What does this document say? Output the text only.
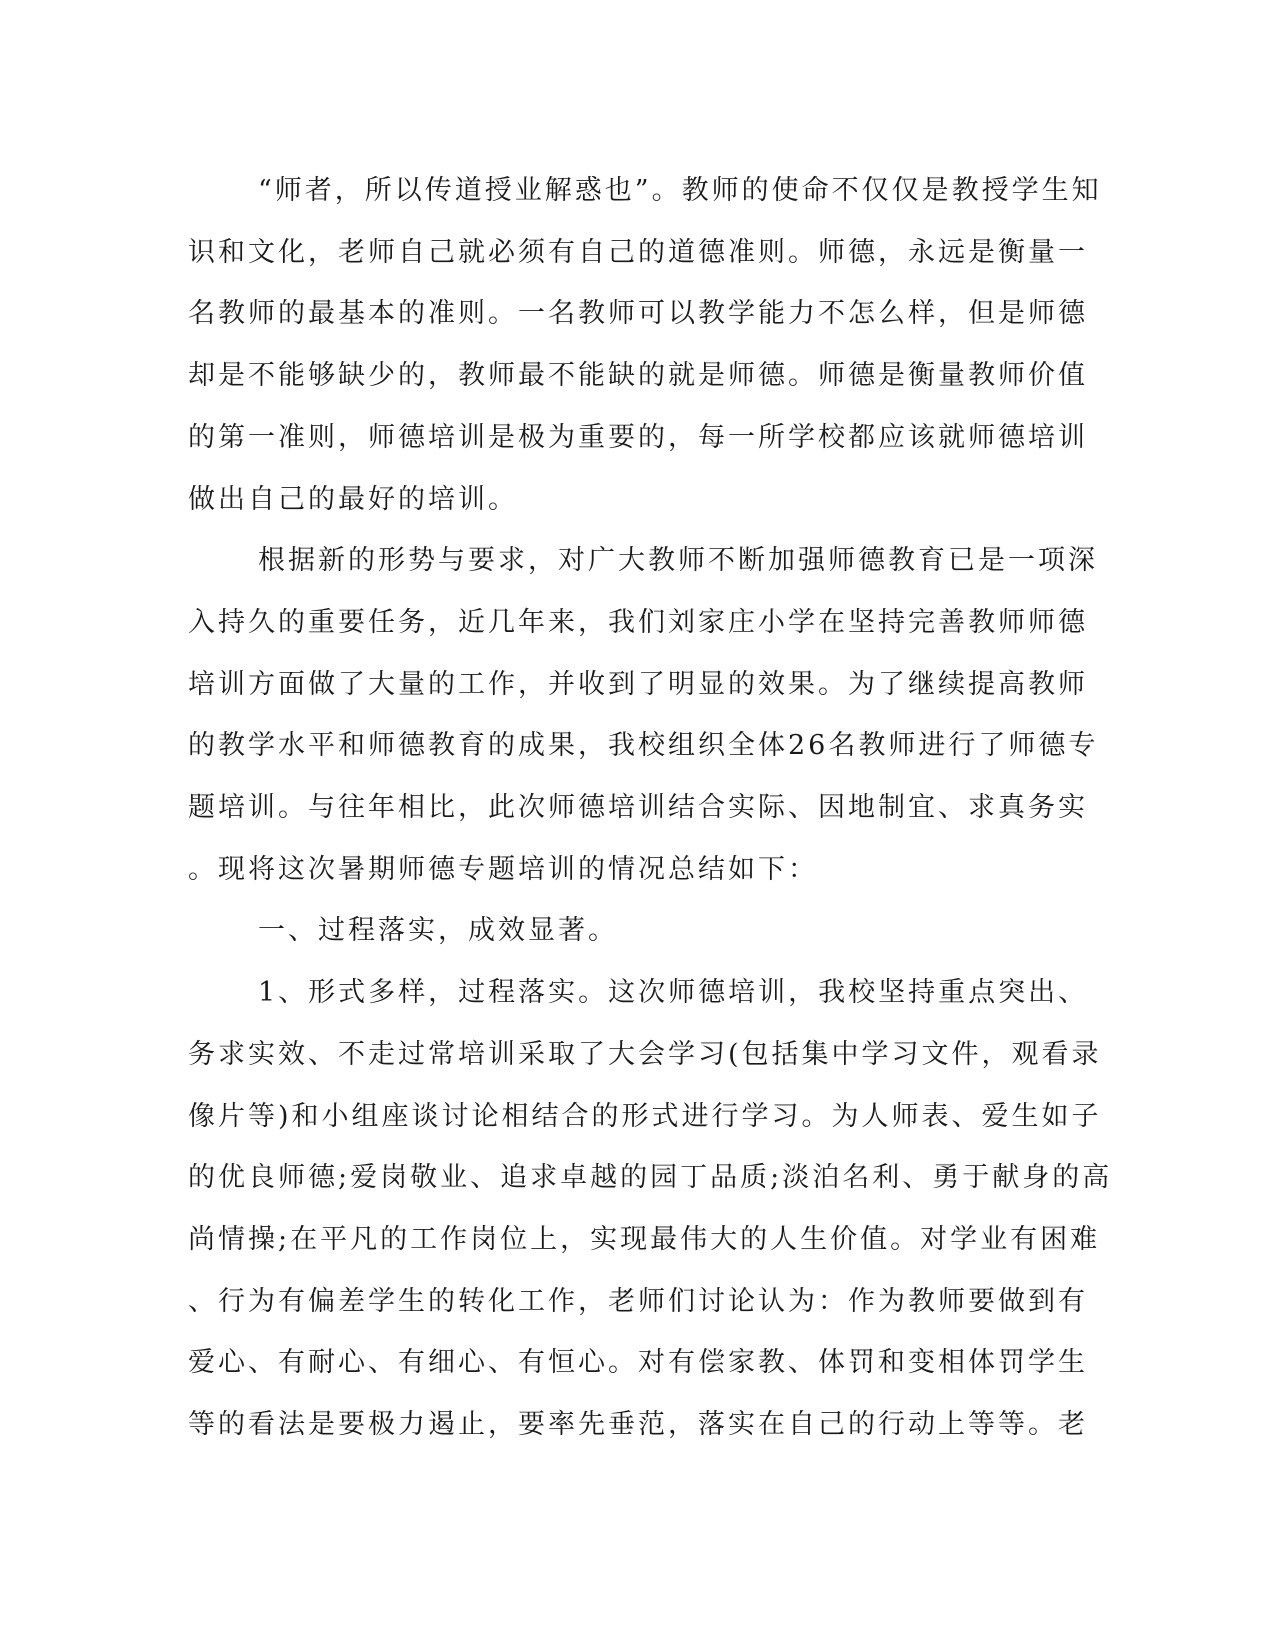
“师者，所以传道授业解惑也”。教师的使命不仅仅是教授学生知
识和文化，老师自己就必须有自己的道德准则。师德，永远是衡量一
名教师的最基本的准则。一名教师可以教学能力不怎么样，但是师德
却是不能够缺少的，教师最不能缺的就是师德。师德是衡量教师价值
的第一准则，师德培训是极为重要的，每一所学校都应该就师德培训
做出自己的最好的培训。
根据新的形势与要求，对广大教师不断加强师德教育已是一项深
入持久的重要任务，近几年来，我们刘家庄小学在坚持完善教师师德
培训方面做了大量的工作，并收到了明显的效果。为了继续提高教师
的教学水平和师德教育的成果，我校组织全体26名教师进行了师德专
题培训。与往年相比，此次师德培训结合实际、因地制宜、求真务实
。现将这次暑期师德专题培训的情况总结如下：
一、过程落实，成效显著。
1、形式多样，过程落实。这次师德培训，我校坚持重点突出、
务求实效、不走过常培训采取了大会学习(包括集中学习文件，观看录
像片等)和小组座谈讨论相结合的形式进行学习。为人师表、爱生如子
的优良师德;爱岗敬业、追求卓越的园丁品质;淡泊名利、勇于献身的高
尚情操;在平凡的工作岗位上，实现最伟大的人生价值。对学业有困难
、行为有偏差学生的转化工作，老师们讨论认为：作为教师要做到有
爱心、有耐心、有细心、有恒心。对有偿家教、体罚和变相体罚学生
等的看法是要极力遏止，要率先垂范，落实在自己的行动上等等。老
